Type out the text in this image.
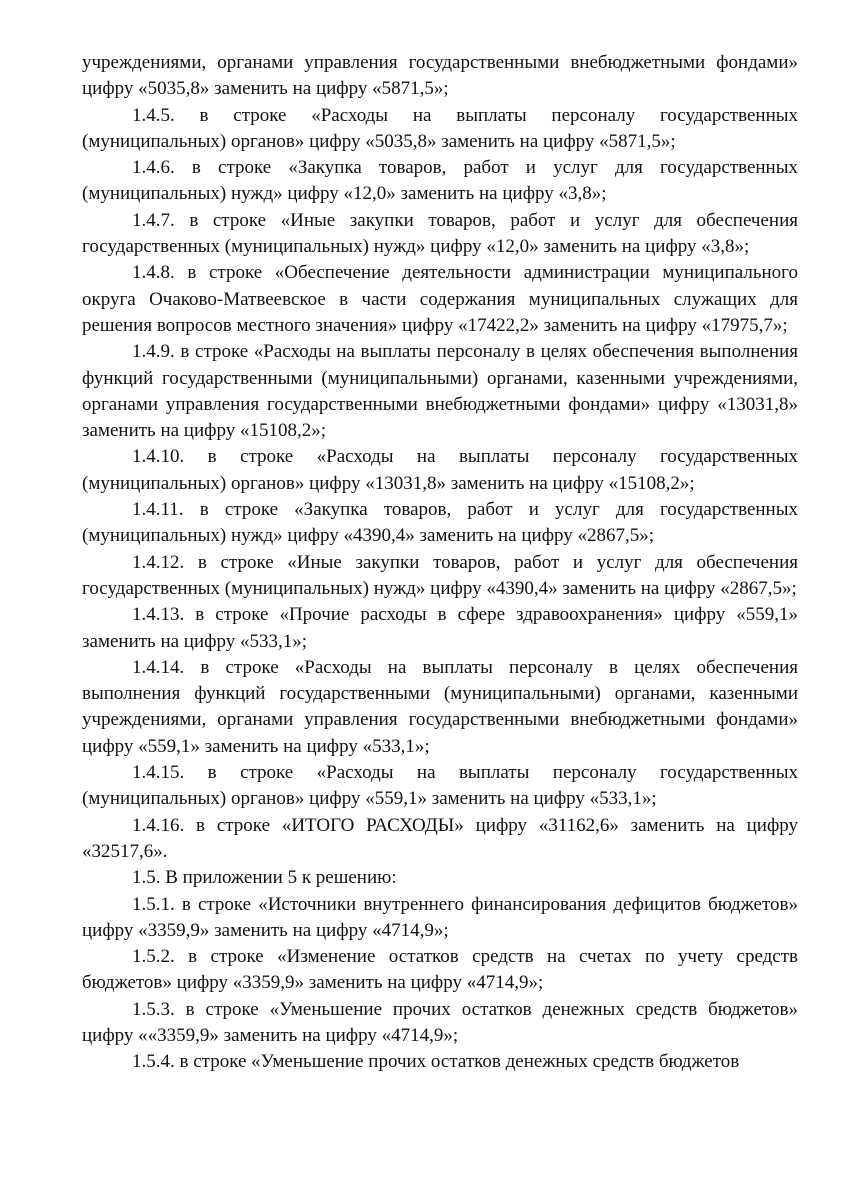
учреждениями, органами управления государственными внебюджетными фондами» цифру «5035,8» заменить на цифру «5871,5»;

1.4.5. в строке «Расходы на выплаты персоналу государственных (муниципальных) органов» цифру «5035,8» заменить на цифру «5871,5»;

1.4.6. в строке «Закупка товаров, работ и услуг для государственных (муниципальных) нужд» цифру «12,0» заменить на цифру «3,8»;

1.4.7. в строке «Иные закупки товаров, работ и услуг для обеспечения государственных (муниципальных) нужд» цифру «12,0» заменить на цифру «3,8»;

1.4.8. в строке «Обеспечение деятельности администрации муниципального округа Очаково-Матвеевское в части содержания муниципальных служащих для решения вопросов местного значения» цифру «17422,2» заменить на цифру «17975,7»;

1.4.9. в строке «Расходы на выплаты персоналу в целях обеспечения выполнения функций государственными (муниципальными) органами, казенными учреждениями, органами управления государственными внебюджетными фондами» цифру «13031,8» заменить на цифру «15108,2»;

1.4.10. в строке «Расходы на выплаты персоналу государственных (муниципальных) органов» цифру «13031,8» заменить на цифру «15108,2»;

1.4.11. в строке «Закупка товаров, работ и услуг для государственных (муниципальных) нужд» цифру «4390,4» заменить на цифру «2867,5»;

1.4.12. в строке «Иные закупки товаров, работ и услуг для обеспечения государственных (муниципальных) нужд» цифру «4390,4» заменить на цифру «2867,5»;

1.4.13. в строке «Прочие расходы в сфере здравоохранения» цифру «559,1» заменить на цифру «533,1»;

1.4.14. в строке «Расходы на выплаты персоналу в целях обеспечения выполнения функций государственными (муниципальными) органами, казенными учреждениями, органами управления государственными внебюджетными фондами» цифру «559,1» заменить на цифру «533,1»;

1.4.15. в строке «Расходы на выплаты персоналу государственных (муниципальных) органов» цифру «559,1» заменить на цифру «533,1»;

1.4.16. в строке «ИТОГО РАСХОДЫ» цифру «31162,6» заменить на цифру «32517,6».

1.5. В приложении 5 к решению:

1.5.1. в строке «Источники внутреннего финансирования дефицитов бюджетов» цифру «3359,9» заменить на цифру «4714,9»;

1.5.2. в строке «Изменение остатков средств на счетах по учету средств бюджетов» цифру «3359,9» заменить на цифру «4714,9»;

1.5.3. в строке «Уменьшение прочих остатков денежных средств бюджетов» цифру ««3359,9» заменить на цифру «4714,9»;

1.5.4. в строке «Уменьшение прочих остатков денежных средств бюджетов
